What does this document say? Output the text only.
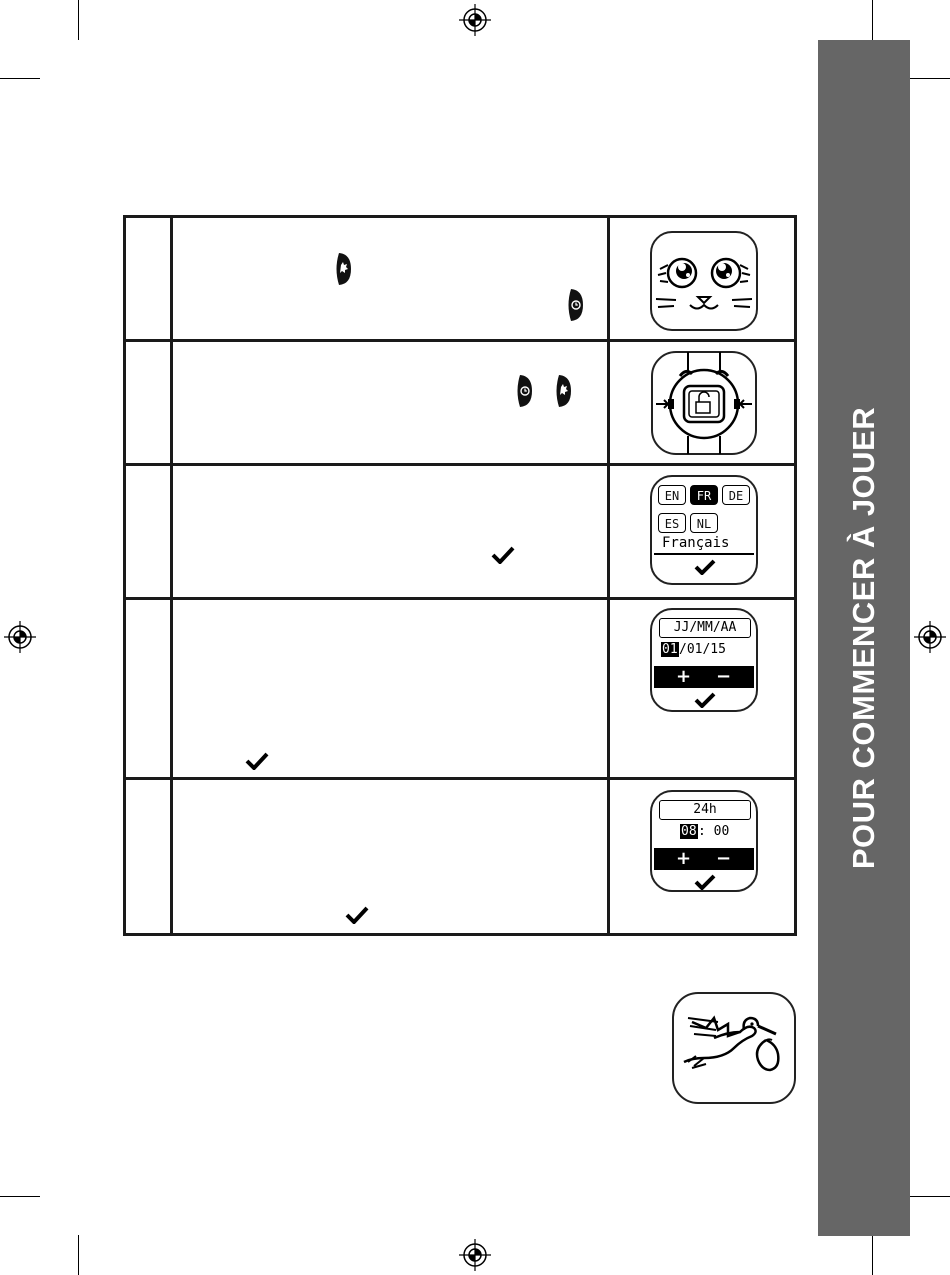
POUR COMMENCER À JOUER
EN	FR	DE
ES	NL
Français
JJ/MM/AA
01 /01/15
+ −
24h
08 : 00
+ −
